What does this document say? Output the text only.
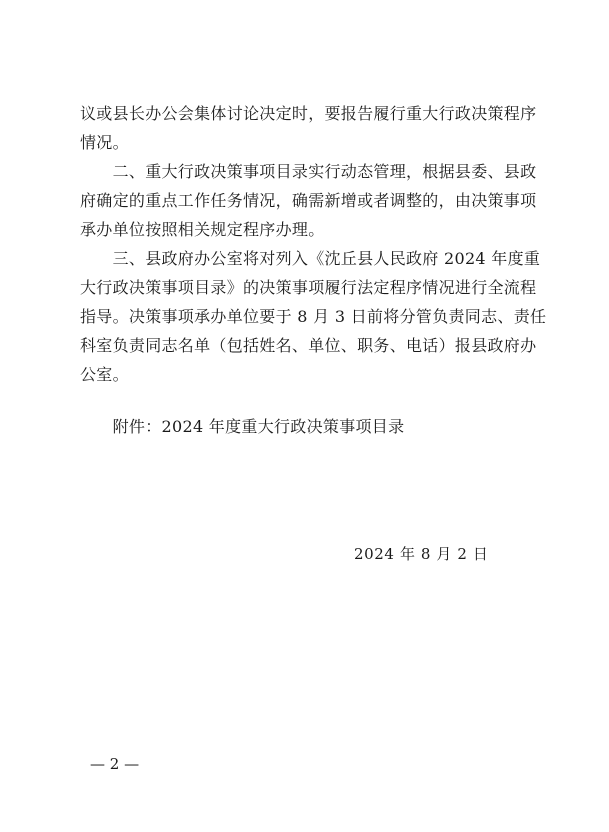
议或县长办公会集体讨论决定时，要报告履行重大行政决策程序
情况。
　　二、重大行政决策事项目录实行动态管理，根据县委、县政
府确定的重点工作任务情况，确需新增或者调整的，由决策事项
承办单位按照相关规定程序办理。
　　三、县政府办公室将对列入《沈丘县人民政府 2024 年度重
大行政决策事项目录》的决策事项履行法定程序情况进行全流程
指导。决策事项承办单位要于 8 月 3 日前将分管负责同志、责任
科室负责同志名单（包括姓名、单位、职务、电话）报县政府办
公室。
　　附件：2024 年度重大行政决策事项目录
2024 年 8 月 2 日
— 2 —
